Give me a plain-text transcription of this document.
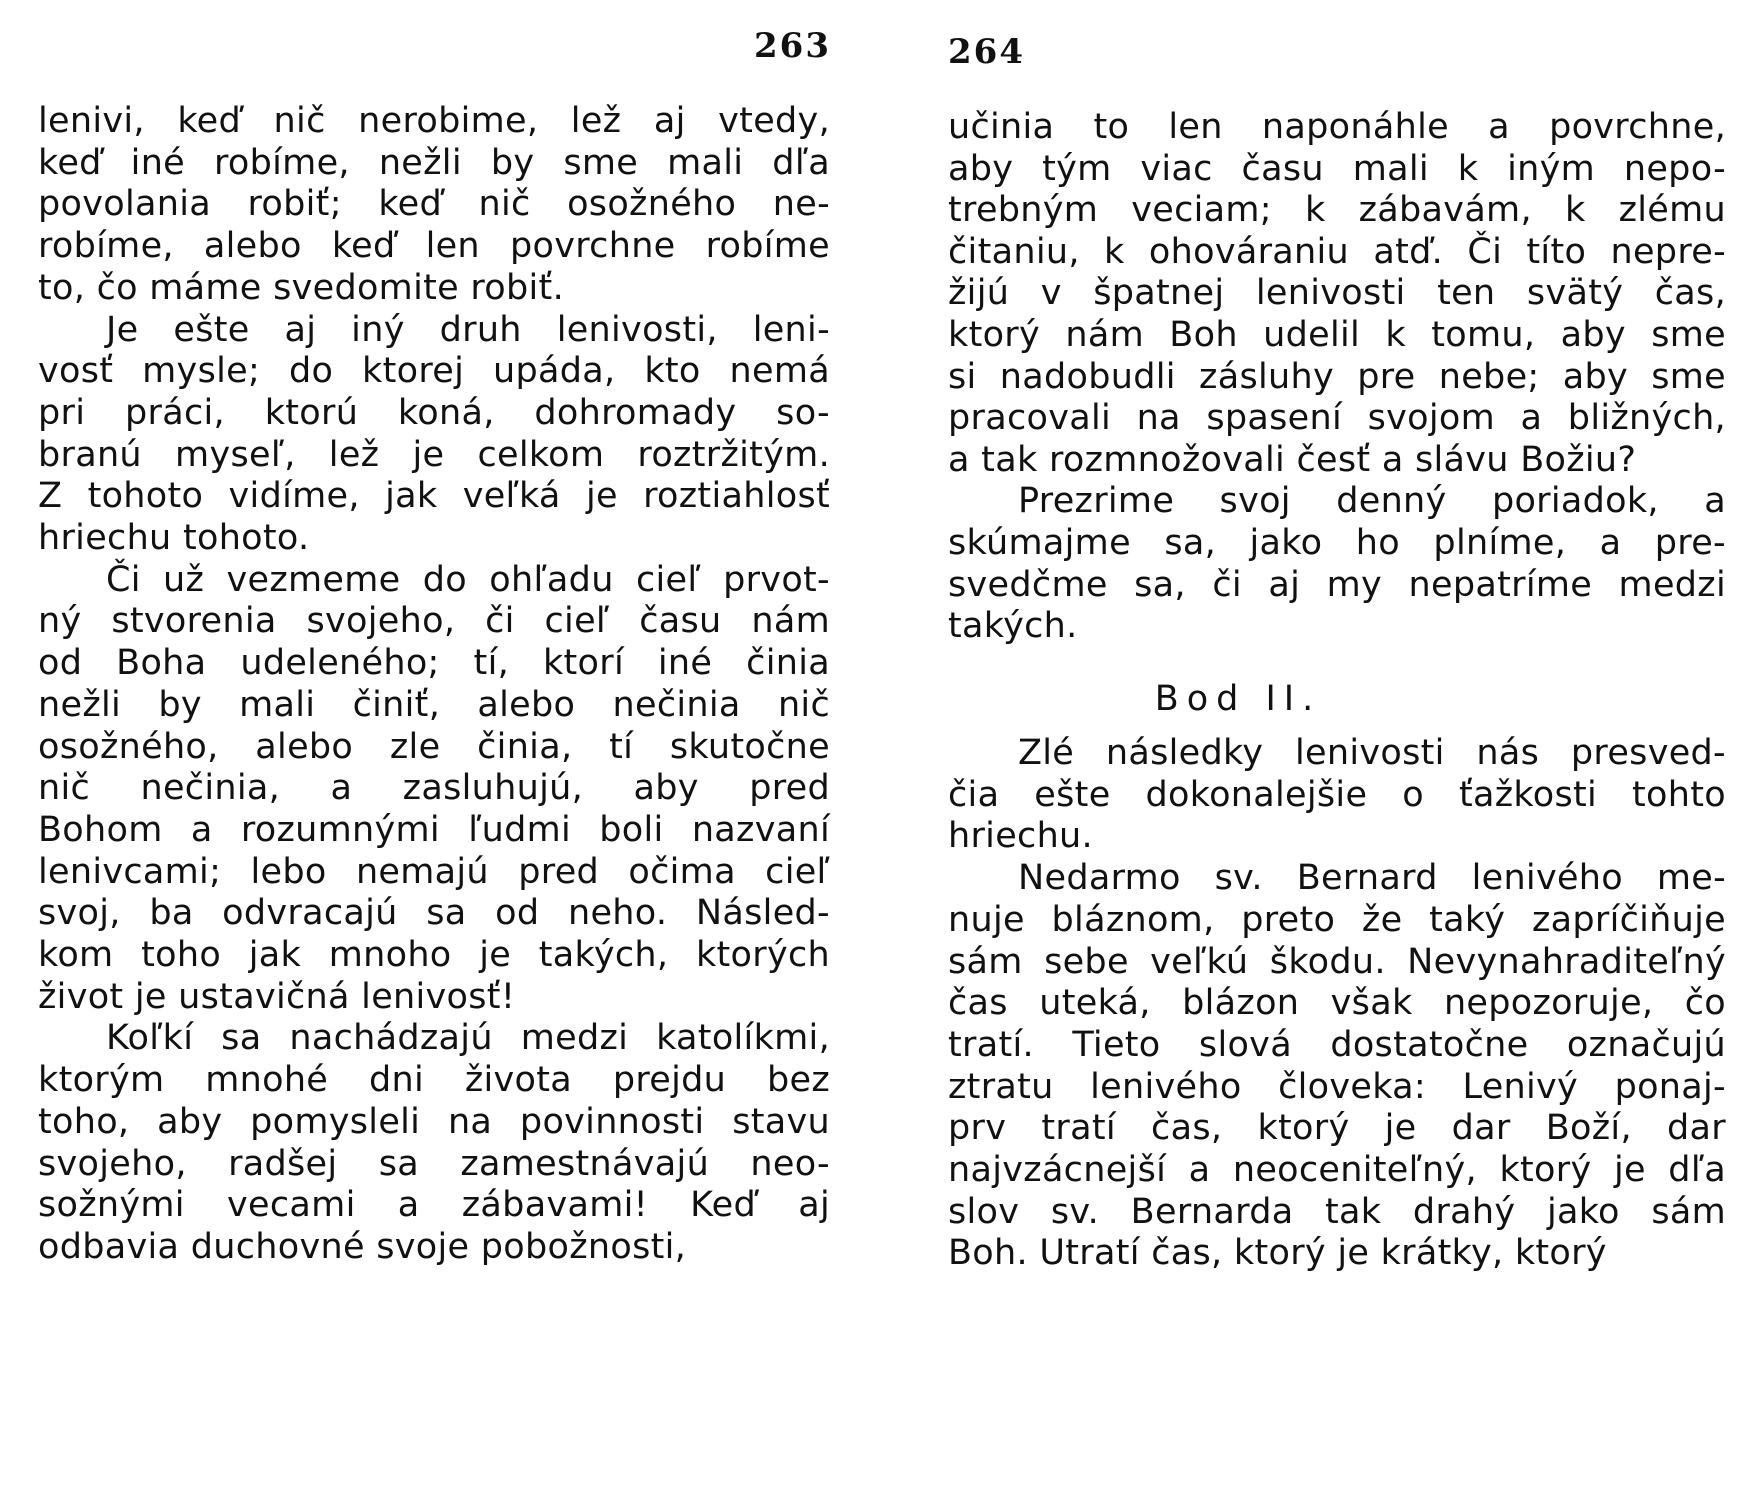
263
lenivi, keď nič nerobime, lež aj vtedy,
keď iné robíme, nežli by sme mali dľa
povolania robiť; keď nič osožného ne-
robíme, alebo keď len povrchne robíme
to, čo máme svedomite robiť.
Je ešte aj iný druh lenivosti, leni-
vosť mysle; do ktorej upáda, kto nemá
pri práci, ktorú koná, dohromady so-
branú myseľ, lež je celkom roztržitým.
Z tohoto vidíme, jak veľká je roztiahlosť
hriechu tohoto.
Či už vezmeme do ohľadu cieľ prvot-
ný stvorenia svojeho, či cieľ času nám
od Boha udeleného; tí, ktorí iné činia
nežli by mali činiť, alebo nečinia nič
osožného, alebo zle činia, tí skutočne
nič nečinia, a zasluhujú, aby pred
Bohom a rozumnými ľudmi boli nazvaní
lenivcami; lebo nemajú pred očima cieľ
svoj, ba odvracajú sa od neho. Násled-
kom toho jak mnoho je takých, ktorých
život je ustavičná lenivosť!
Koľkí sa nachádzajú medzi katolíkmi,
ktorým mnohé dni života prejdu bez
toho, aby pomysleli na povinnosti stavu
svojeho, radšej sa zamestnávajú neo-
sožnými vecami a zábavami! Keď aj
odbavia duchovné svoje pobožnosti,
264
učinia to len naponáhle a povrchne,
aby tým viac času mali k iným nepo-
trebným veciam; k zábavám, k zlému
čitaniu, k ohováraniu atď. Či títo nepre-
žijú v špatnej lenivosti ten svätý čas,
ktorý nám Boh udelil k tomu, aby sme
si nadobudli zásluhy pre nebe; aby sme
pracovali na spasení svojom a bližných,
a tak rozmnožovali česť a slávu Božiu?
Prezrime svoj denný poriadok, a
skúmajme sa, jako ho plníme, a pre-
svedčme sa, či aj my nepatríme medzi
takých.
Zlé následky lenivosti nás presved-
čia ešte dokonalejšie o ťažkosti tohto
hriechu.
Nedarmo sv. Bernard lenivého me-
nuje bláznom, preto že taký zapríčiňuje
sám sebe veľkú škodu. Nevynahraditeľný
čas uteká, blázon však nepozoruje, čo
tratí. Tieto slová dostatočne označujú
ztratu lenivého človeka: Lenivý ponaj-
prv tratí čas, ktorý je dar Boží, dar
najvzácnejší a neoceniteľný, ktorý je dľa
slov sv. Bernarda tak drahý jako sám
Boh. Utratí čas, ktorý je krátky, ktorý
Bod II.
